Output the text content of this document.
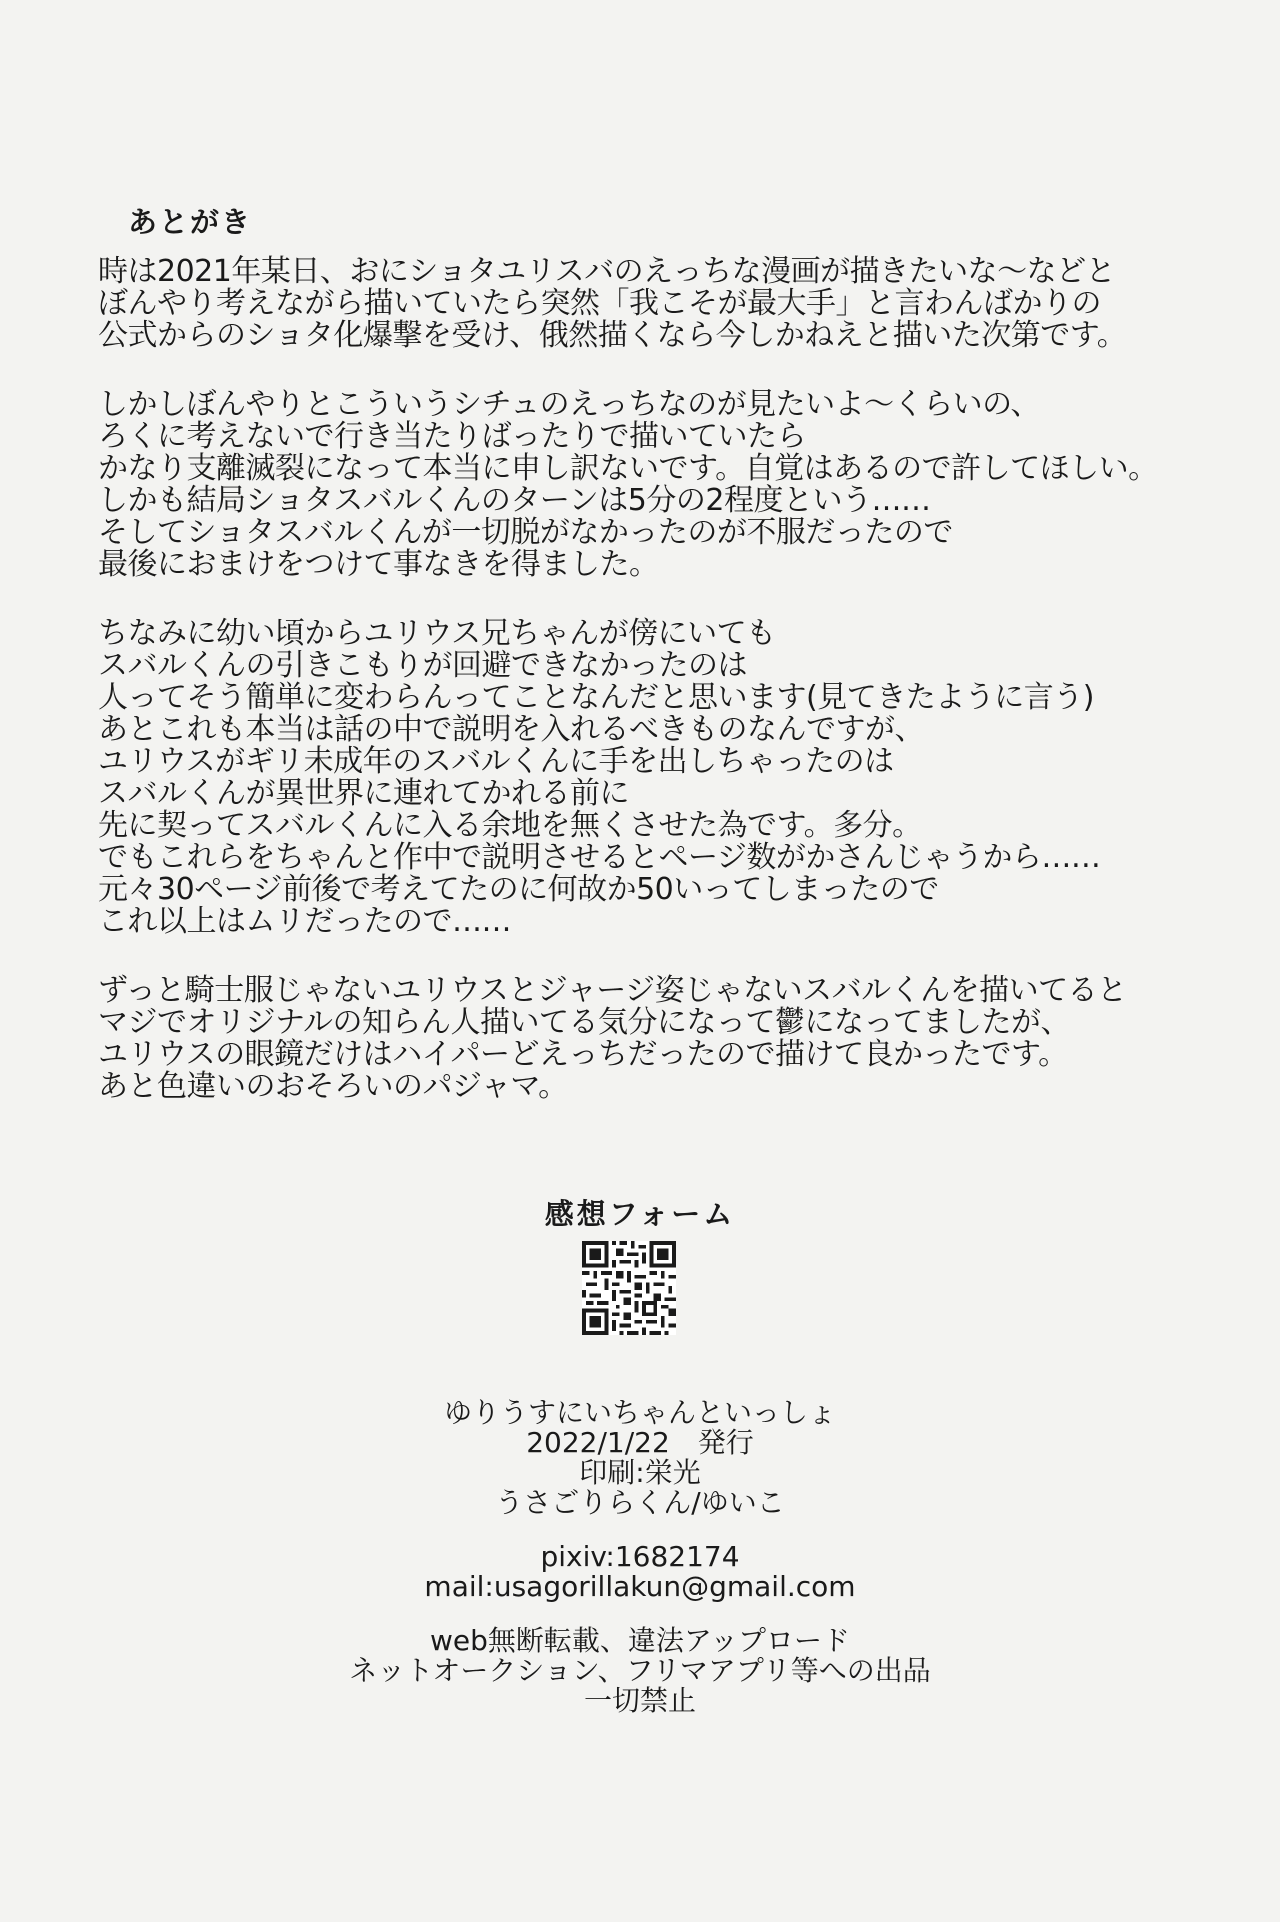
あとがき
時は2021年某日、おにショタユリスバのえっちな漫画が描きたいな〜などと
ぼんやり考えながら描いていたら突然「我こそが最大手」と言わんばかりの
公式からのショタ化爆撃を受け、俄然描くなら今しかねえと描いた次第です。
しかしぼんやりとこういうシチュのえっちなのが見たいよ〜くらいの、
ろくに考えないで行き当たりばったりで描いていたら
かなり支離滅裂になって本当に申し訳ないです。自覚はあるので許してほしい。
しかも結局ショタスバルくんのターンは5分の2程度という……
そしてショタスバルくんが一切脱がなかったのが不服だったので
最後におまけをつけて事なきを得ました。
ちなみに幼い頃からユリウス兄ちゃんが傍にいても
スバルくんの引きこもりが回避できなかったのは
人ってそう簡単に変わらんってことなんだと思います(見てきたように言う)
あとこれも本当は話の中で説明を入れるべきものなんですが、
ユリウスがギリ未成年のスバルくんに手を出しちゃったのは
スバルくんが異世界に連れてかれる前に
先に契ってスバルくんに入る余地を無くさせた為です。多分。
でもこれらをちゃんと作中で説明させるとページ数がかさんじゃうから……
元々30ページ前後で考えてたのに何故か50いってしまったので
これ以上はムリだったので……
ずっと騎士服じゃないユリウスとジャージ姿じゃないスバルくんを描いてると
マジでオリジナルの知らん人描いてる気分になって鬱になってましたが、
ユリウスの眼鏡だけはハイパーどえっちだったので描けて良かったです。
あと色違いのおそろいのパジャマ。
感想フォーム
ゆりうすにいちゃんといっしょ
2022/1/22　発行
印刷:栄光
うさごりらくん/ゆいこ
pixiv:1682174
mail:usagorillakun@gmail.com
web無断転載、違法アップロード
ネットオークション、フリマアプリ等への出品
一切禁止
